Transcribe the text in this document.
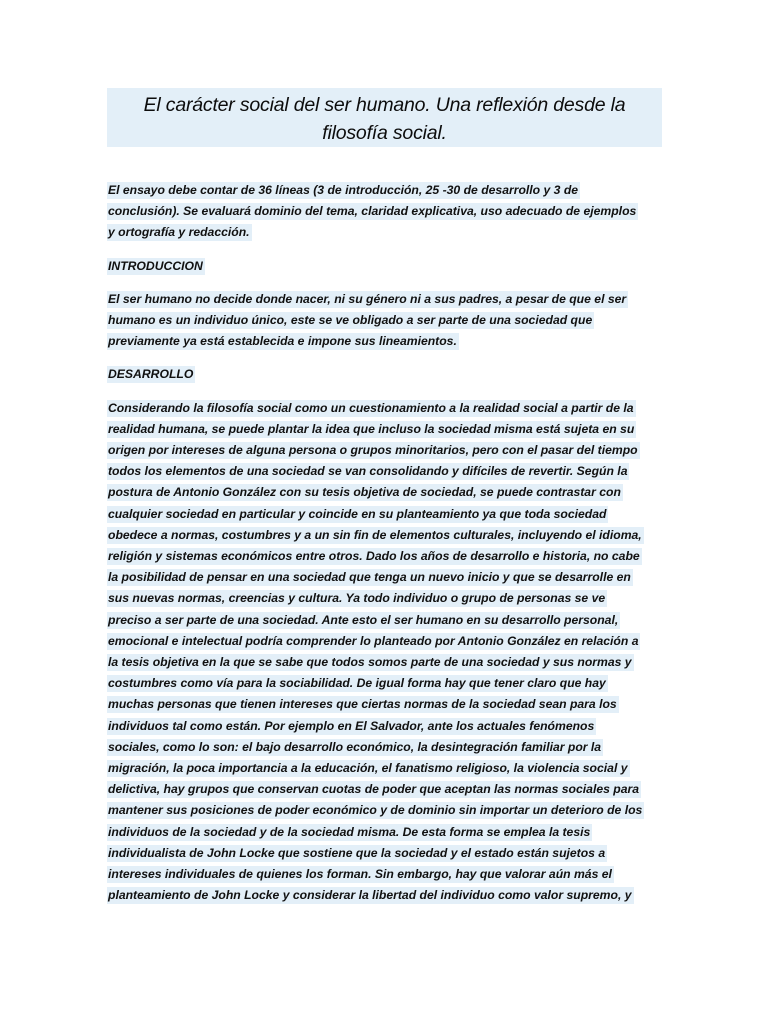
El carácter social del ser humano. Una reflexión desde la
filosofía social.
El ensayo debe contar de 36 líneas (3 de introducción, 25 -30 de desarrollo y 3 de
conclusión). Se evaluará dominio del tema, claridad explicativa, uso adecuado de ejemplos
y ortografía y redacción.
INTRODUCCION
El ser humano no decide donde nacer, ni su género ni a sus padres, a pesar de que el ser
humano es un individuo único, este se ve obligado a ser parte de una sociedad que
previamente ya está establecida e impone sus lineamientos.
DESARROLLO
Considerando la filosofía social como un cuestionamiento a la realidad social a partir de la
realidad humana, se puede plantar la idea que incluso la sociedad misma está sujeta en su
origen por intereses de alguna persona o grupos minoritarios, pero con el pasar del tiempo
todos los elementos de una sociedad se van consolidando y difíciles de revertir. Según la
postura de Antonio González con su tesis objetiva de sociedad, se puede contrastar con
cualquier sociedad en particular y coincide en su planteamiento ya que toda sociedad
obedece a normas, costumbres y a un sin fin de elementos culturales, incluyendo el idioma,
religión y sistemas económicos entre otros. Dado los años de desarrollo e historia, no cabe
la posibilidad de pensar en una sociedad que tenga un nuevo inicio y que se desarrolle en
sus nuevas normas, creencias y cultura. Ya todo individuo o grupo de personas se ve
preciso a ser parte de una sociedad. Ante esto el ser humano en su desarrollo personal,
emocional e intelectual podría comprender lo planteado por Antonio González en relación a
la tesis objetiva en la que se sabe que todos somos parte de una sociedad y sus normas y
costumbres como vía para la sociabilidad. De igual forma hay que tener claro que hay
muchas personas que tienen intereses que ciertas normas de la sociedad sean para los
individuos tal como están. Por ejemplo en El Salvador, ante los actuales fenómenos
sociales, como lo son: el bajo desarrollo económico, la desintegración familiar por la
migración, la poca importancia a la educación, el fanatismo religioso, la violencia social y
delictiva, hay grupos que conservan cuotas de poder que aceptan las normas sociales para
mantener sus posiciones de poder económico y de dominio sin importar un deterioro de los
individuos de la sociedad y de la sociedad misma. De esta forma se emplea la tesis
individualista de John Locke que sostiene que la sociedad y el estado están sujetos a
intereses individuales de quienes los forman. Sin embargo, hay que valorar aún más el
planteamiento de John Locke y considerar la libertad del individuo como valor supremo, y
